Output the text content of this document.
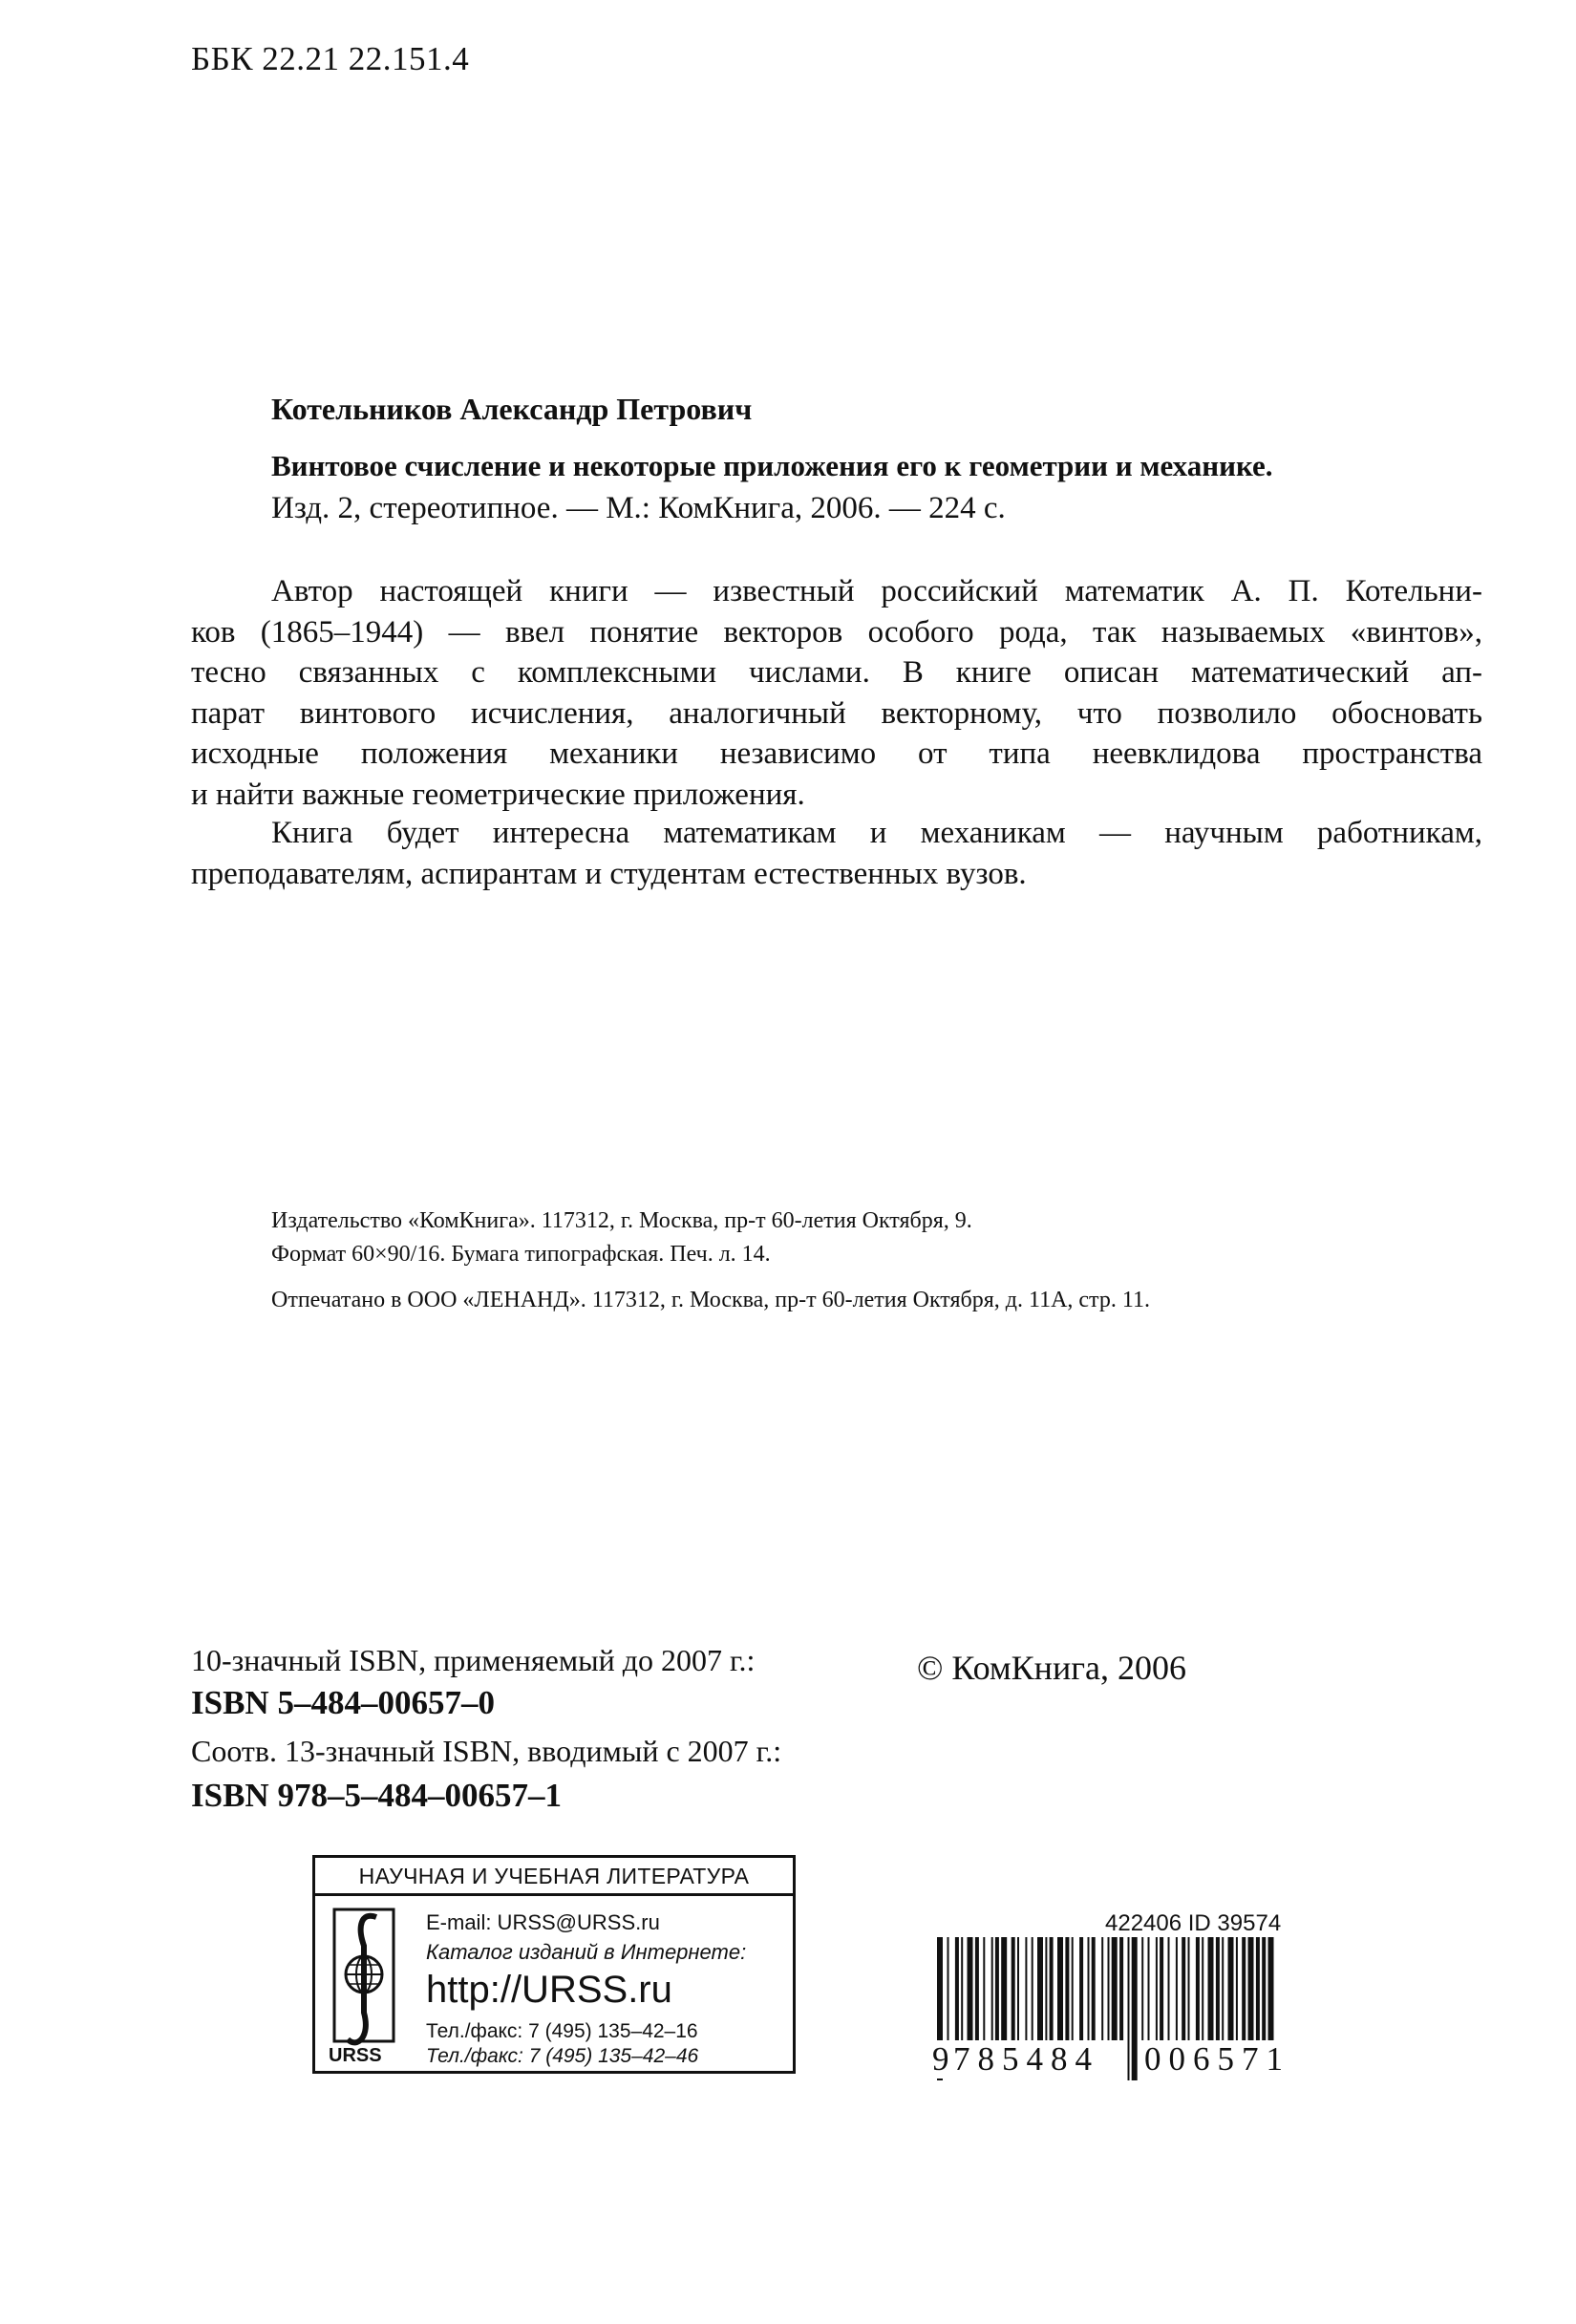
ББК 22.21 22.151.4
Котельников Александр Петрович
Винтовое счисление и некоторые приложения его к геометрии и механике.
Изд. 2, стереотипное. — М.: КомКнига, 2006. — 224 с.
Автор настоящей книги — известный российский математик А. П. Котельни-
ков (1865–1944) — ввел понятие векторов особого рода, так называемых «винтов»,
тесно связанных с комплексными числами. В книге описан математический ап-
парат винтового исчисления, аналогичный векторному, что позволило обосновать
исходные положения механики независимо от типа неевклидова пространства
и найти важные геометрические приложения.
Книга будет интересна математикам и механикам — научным работникам,
преподавателям, аспирантам и студентам естественных вузов.
Издательство «КомКнига». 117312, г. Москва, пр-т 60-летия Октября, 9.
Формат 60×90/16. Бумага типографская. Печ. л. 14.
Отпечатано в ООО «ЛЕНАНД». 117312, г. Москва, пр-т 60-летия Октября, д. 11А, стр. 11.
10-значный ISBN, применяемый до 2007 г.:
ISBN 5–484–00657–0
Соотв. 13-значный ISBN, вводимый с 2007 г.:
ISBN 978–5–484–00657–1
© КомКнига, 2006
НАУЧНАЯ И УЧЕБНАЯ ЛИТЕРАТУРА
URSS
E-mail: URSS@URSS.ru
Каталог изданий в Интернете:
http://URSS.ru
Тел./факс: 7 (495) 135–42–16
Тел./факс: 7 (495) 135–42–46
422406 ID 39574
9 785484 006571
